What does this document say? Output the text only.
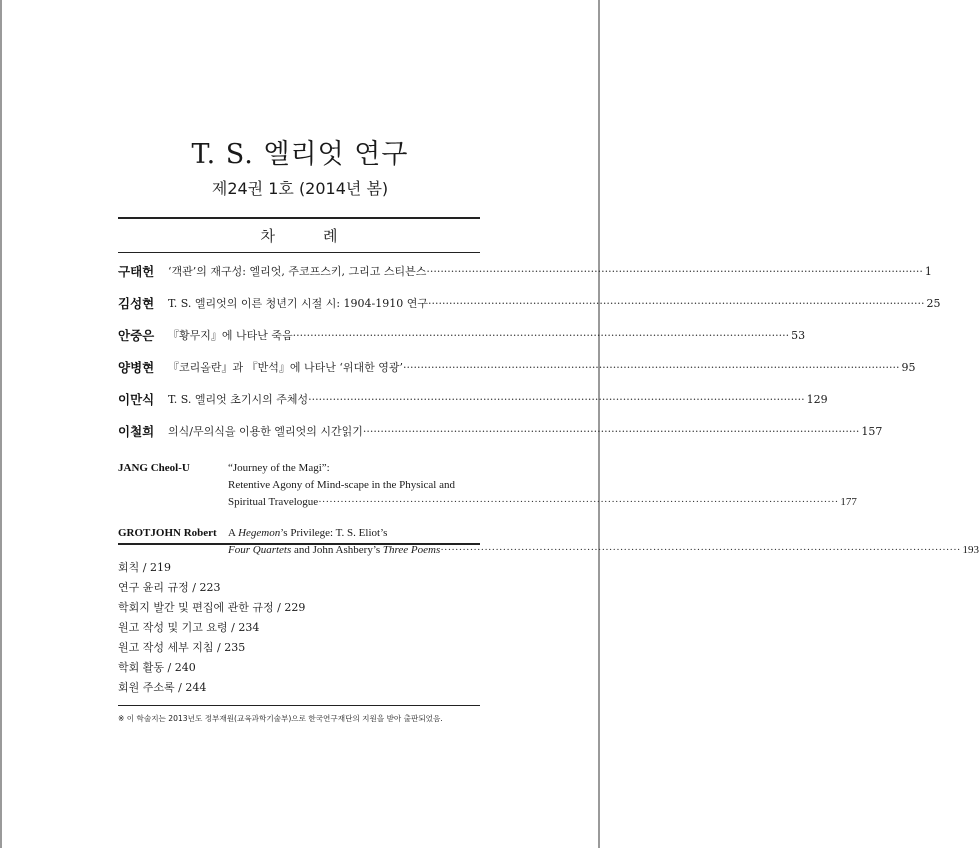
T. S. 엘리엇 연구
제24권 1호 (2014년 봄)
차례
구태헌	‘객관’의 재구성: 엘리엇, 주코프스키, 그리고 스티븐스 ·····	1
김성현	T. S. 엘리엇의 이른 청년기 시절 시: 1904-1910 연구 ·····	25
안중은	『황무지』에 나타난 죽음 ·····	53
양병현	『코리올란』과 『반석』에 나타난 ‘위대한 영광’ ·····	95
이만식	T. S. 엘리엇 초기시의 주체성 ·····	129
이철희	의식/무의식을 이용한 엘리엇의 시간읽기 ·····	157
JANG Cheol-U	“Journey of the Magi”:
Retentive Agony of Mind-scape in the Physical and
Spiritual Travelogue ·····	177
GROTJOHN Robert	A Hegemon’s Privilege: T. S. Eliot’s
Four Quartets and John Ashbery’s Three Poems ·····	193
회칙 / 219
연구 윤리 규정 / 223
학회지 발간 및 편집에 관한 규정 / 229
원고 작성 및 기고 요령 / 234
원고 작성 세부 지침 / 235
학회 활동 / 240
회원 주소록 / 244
※ 이 학술지는 2013년도 정부재원(교육과학기술부)으로 한국연구재단의 지원을 받아 출판되었음.
